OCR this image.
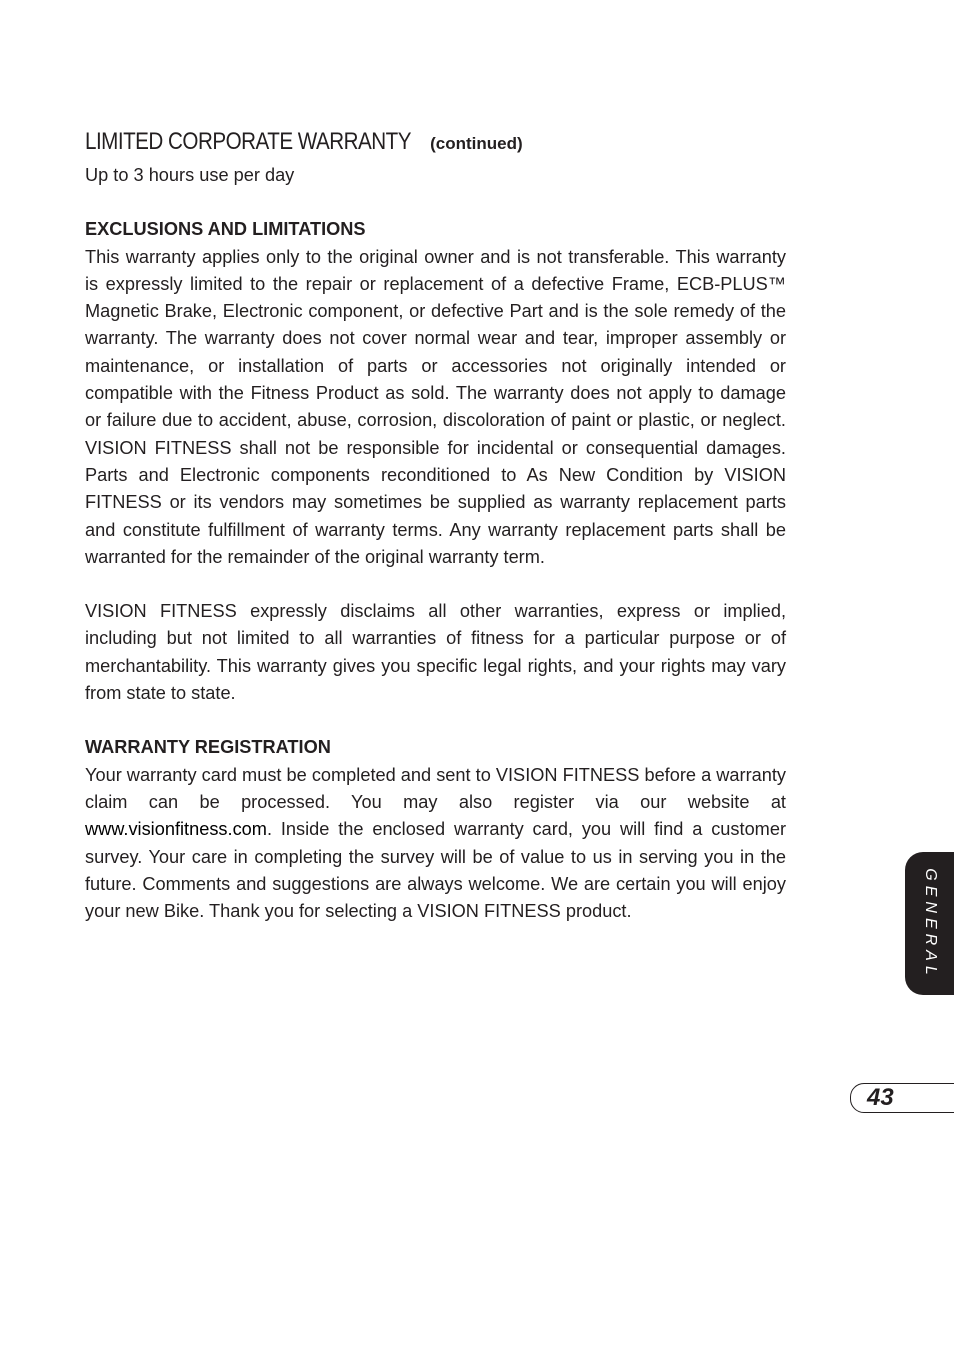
LIMITED CORPORATE WARRANTY (continued)

Up to 3 hours use per day

EXCLUSIONS AND LIMITATIONS

This warranty applies only to the original owner and is not transferable. This warranty is expressly limited to the repair or replacement of a defective Frame, ECB-PLUS™ Magnetic Brake, Electronic component, or defective Part and is the sole remedy of the warranty. The warranty does not cover normal wear and tear, improper assembly or maintenance, or installation of parts or accessories not originally intended or compatible with the Fitness Product as sold. The warranty does not apply to damage or failure due to accident, abuse, corrosion, discoloration of paint or plastic, or neglect. VISION FITNESS shall not be responsible for incidental or consequential damages. Parts and Electronic components reconditioned to As New Condition by VISION FITNESS or its vendors may sometimes be supplied as warranty replacement parts and constitute fulfillment of warranty terms. Any warranty replacement parts shall be warranted for the remainder of the original warranty term.

VISION FITNESS expressly disclaims all other warranties, express or implied, including but not limited to all warranties of fitness for a particular purpose or of merchantability. This warranty gives you specific legal rights, and your rights may vary from state to state.

WARRANTY REGISTRATION

Your warranty card must be completed and sent to VISION FITNESS before a warranty claim can be processed. You may also register via our website at www.visionfitness.com. Inside the enclosed warranty card, you will find a customer survey. Your care in completing the survey will be of value to us in serving you in the future. Comments and suggestions are always welcome. We are certain you will enjoy your new Bike. Thank you for selecting a VISION FITNESS product.	GENERAL
43
